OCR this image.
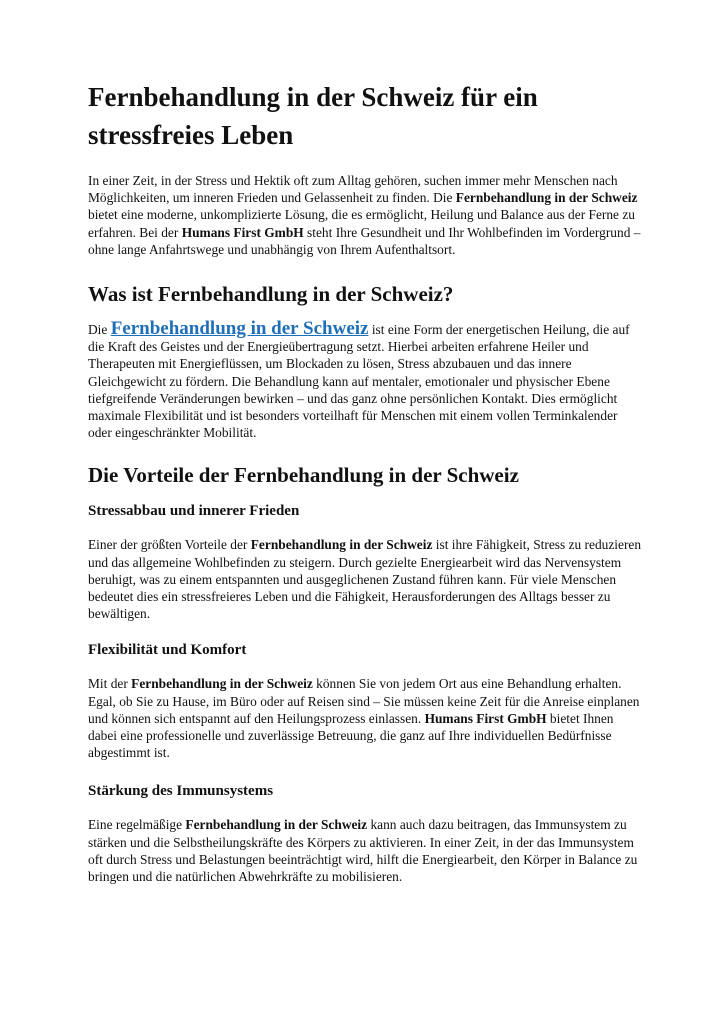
Fernbehandlung in der Schweiz für ein stressfreies Leben

In einer Zeit, in der Stress und Hektik oft zum Alltag gehören, suchen immer mehr Menschen nach Möglichkeiten, um inneren Frieden und Gelassenheit zu finden. Die Fernbehandlung in der Schweiz bietet eine moderne, unkomplizierte Lösung, die es ermöglicht, Heilung und Balance aus der Ferne zu erfahren. Bei der Humans First GmbH steht Ihre Gesundheit und Ihr Wohlbefinden im Vordergrund – ohne lange Anfahrtswege und unabhängig von Ihrem Aufenthaltsort.

Was ist Fernbehandlung in der Schweiz?

Die Fernbehandlung in der Schweiz ist eine Form der energetischen Heilung, die auf die Kraft des Geistes und der Energieübertragung setzt. Hierbei arbeiten erfahrene Heiler und Therapeuten mit Energieflüssen, um Blockaden zu lösen, Stress abzubauen und das innere Gleichgewicht zu fördern. Die Behandlung kann auf mentaler, emotionaler und physischer Ebene tiefgreifende Veränderungen bewirken – und das ganz ohne persönlichen Kontakt. Dies ermöglicht maximale Flexibilität und ist besonders vorteilhaft für Menschen mit einem vollen Terminkalender oder eingeschränkter Mobilität.

Die Vorteile der Fernbehandlung in der Schweiz
Stressabbau und innerer Frieden

Einer der größten Vorteile der Fernbehandlung in der Schweiz ist ihre Fähigkeit, Stress zu reduzieren und das allgemeine Wohlbefinden zu steigern. Durch gezielte Energiearbeit wird das Nervensystem beruhigt, was zu einem entspannten und ausgeglichenen Zustand führen kann. Für viele Menschen bedeutet dies ein stressfreieres Leben und die Fähigkeit, Herausforderungen des Alltags besser zu bewältigen.

Flexibilität und Komfort

Mit der Fernbehandlung in der Schweiz können Sie von jedem Ort aus eine Behandlung erhalten. Egal, ob Sie zu Hause, im Büro oder auf Reisen sind – Sie müssen keine Zeit für die Anreise einplanen und können sich entspannt auf den Heilungsprozess einlassen. Humans First GmbH bietet Ihnen dabei eine professionelle und zuverlässige Betreuung, die ganz auf Ihre individuellen Bedürfnisse abgestimmt ist.

Stärkung des Immunsystems

Eine regelmäßige Fernbehandlung in der Schweiz kann auch dazu beitragen, das Immunsystem zu stärken und die Selbstheilungskräfte des Körpers zu aktivieren. In einer Zeit, in der das Immunsystem oft durch Stress und Belastungen beeinträchtigt wird, hilft die Energiearbeit, den Körper in Balance zu bringen und die natürlichen Abwehrkräfte zu mobilisieren.
